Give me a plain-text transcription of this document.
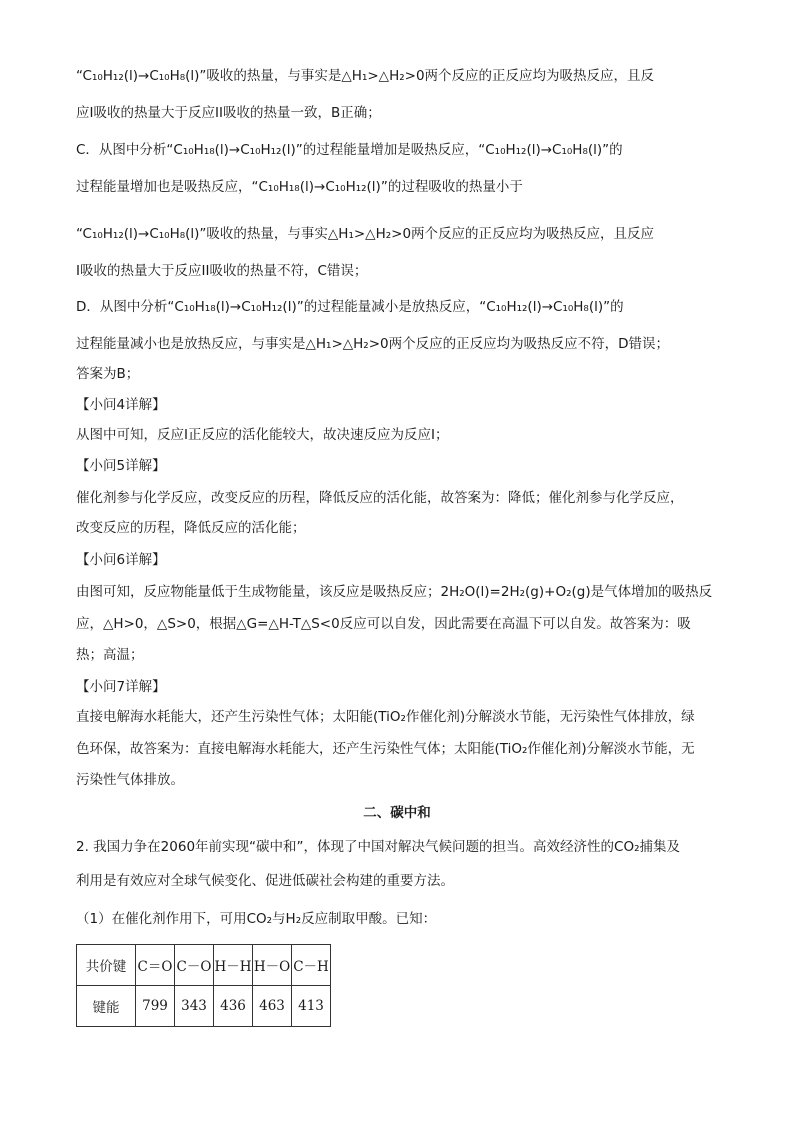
“C₁₀H₁₂(l)→C₁₀H₈(l)”吸收的热量，与事实是△H₁>△H₂>0两个反应的正反应均为吸热反应，且反
应I吸收的热量大于反应II吸收的热量一致，B正确；
C．从图中分析“C₁₀H₁₈(l)→C₁₀H₁₂(l)”的过程能量增加是吸热反应，“C₁₀H₁₂(l)→C₁₀H₈(l)”的
过程能量增加也是吸热反应，“C₁₀H₁₈(l)→C₁₀H₁₂(l)”的过程吸收的热量小于
“C₁₀H₁₂(l)→C₁₀H₈(l)”吸收的热量，与事实△H₁>△H₂>0两个反应的正反应均为吸热反应，且反应
I吸收的热量大于反应II吸收的热量不符，C错误；
D．从图中分析“C₁₀H₁₈(l)→C₁₀H₁₂(l)”的过程能量减小是放热反应，“C₁₀H₁₂(l)→C₁₀H₈(l)”的
过程能量减小也是放热反应，与事实是△H₁>△H₂>0两个反应的正反应均为吸热反应不符，D错误；
答案为B；
【小问4详解】
从图中可知，反应I正反应的活化能较大，故决速反应为反应I；
【小问5详解】
催化剂参与化学反应，改变反应的历程，降低反应的活化能，故答案为：降低；催化剂参与化学反应，
改变反应的历程，降低反应的活化能；
【小问6详解】
由图可知，反应物能量低于生成物能量，该反应是吸热反应；2H₂O(l)=2H₂(g)+O₂(g)是气体增加的吸热反
应，△H>0，△S>0，根据△G=△H-T△S<0反应可以自发，因此需要在高温下可以自发。故答案为：吸
热；高温；
【小问7详解】
直接电解海水耗能大，还产生污染性气体；太阳能(TiO₂作催化剂)分解淡水节能，无污染性气体排放，绿
色环保，故答案为：直接电解海水耗能大，还产生污染性气体；太阳能(TiO₂作催化剂)分解淡水节能，无
污染性气体排放。
二、碳中和
2. 我国力争在2060年前实现“碳中和”，体现了中国对解决气候问题的担当。高效经济性的CO₂捕集及
利用是有效应对全球气候变化、促进低碳社会构建的重要方法。
（1）在催化剂作用下，可用CO₂与H₂反应制取甲酸。已知：
共价键	C＝O	C－O	H－H	H－O	C－H
键能	799	343	436	463	413
